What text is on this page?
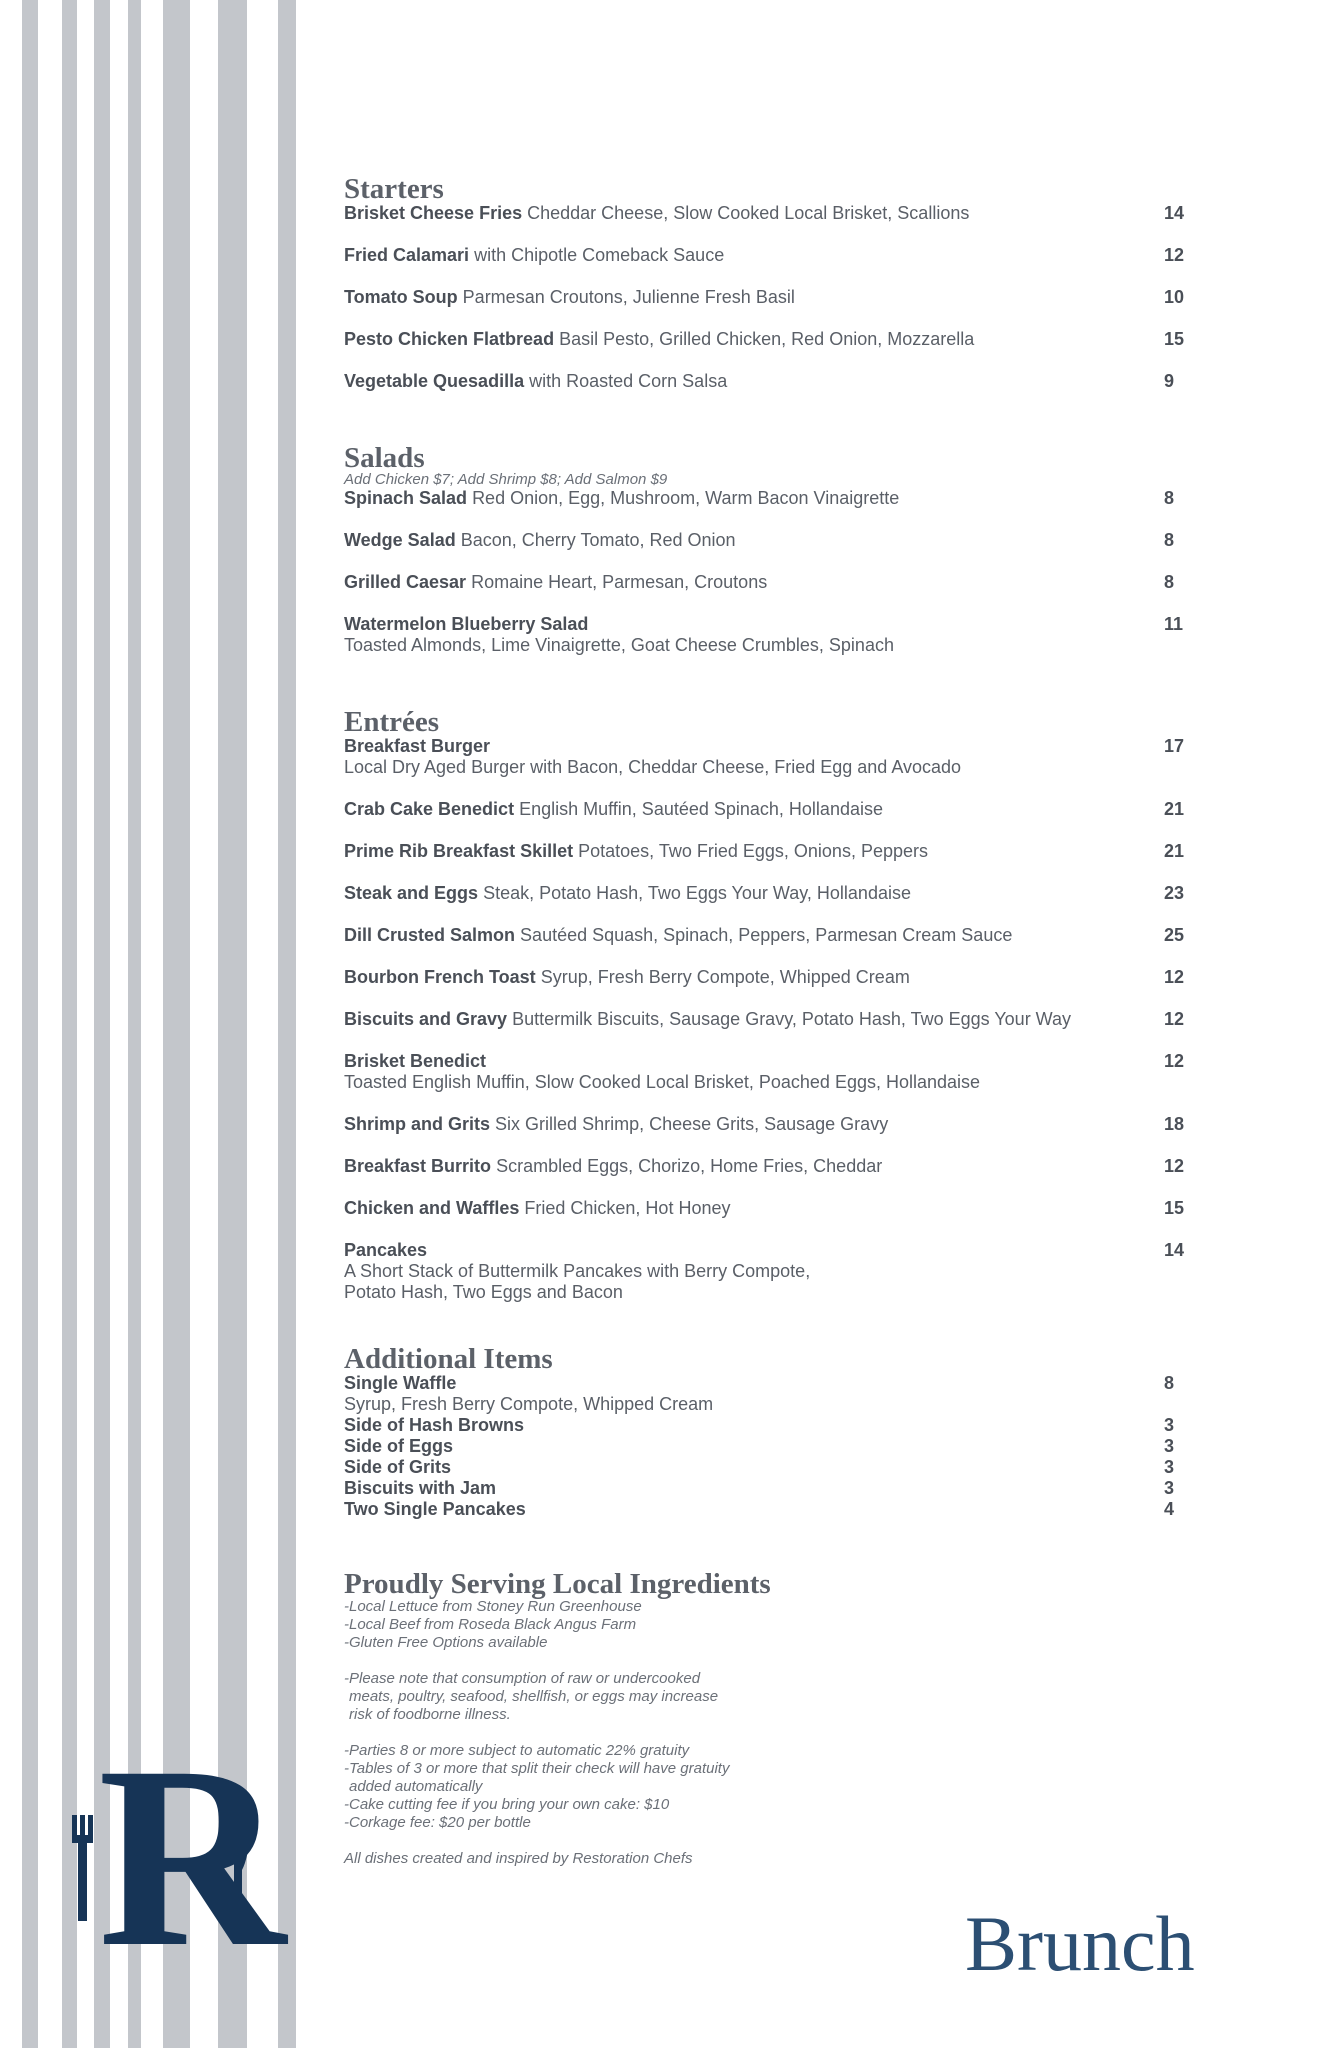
R
Starters
Brisket Cheese Fries Cheddar Cheese, Slow Cooked Local Brisket, Scallions	14
Fried Calamari with Chipotle Comeback Sauce	12
Tomato Soup Parmesan Croutons, Julienne Fresh Basil	10
Pesto Chicken Flatbread Basil Pesto, Grilled Chicken, Red Onion, Mozzarella	15
Vegetable Quesadilla with Roasted Corn Salsa	9
Salads
Add Chicken $7; Add Shrimp $8; Add Salmon $9
Spinach Salad Red Onion, Egg, Mushroom, Warm Bacon Vinaigrette	8
Wedge Salad Bacon, Cherry Tomato, Red Onion	8
Grilled Caesar Romaine Heart, Parmesan, Croutons	8
Watermelon Blueberry Salad
Toasted Almonds, Lime Vinaigrette, Goat Cheese Crumbles, Spinach
11
Entrées
Breakfast Burger
Local Dry Aged Burger with Bacon, Cheddar Cheese, Fried Egg and Avocado
17
Crab Cake Benedict English Muffin, Sautéed Spinach, Hollandaise	21
Prime Rib Breakfast Skillet Potatoes, Two Fried Eggs, Onions, Peppers	21
Steak and Eggs Steak, Potato Hash, Two Eggs Your Way, Hollandaise	23
Dill Crusted Salmon Sautéed Squash, Spinach, Peppers, Parmesan Cream Sauce	25
Bourbon French Toast Syrup, Fresh Berry Compote, Whipped Cream	12
Biscuits and Gravy Buttermilk Biscuits, Sausage Gravy, Potato Hash, Two Eggs Your Way	12
Brisket Benedict
Toasted English Muffin, Slow Cooked Local Brisket, Poached Eggs, Hollandaise
12
Shrimp and Grits Six Grilled Shrimp, Cheese Grits, Sausage Gravy	18
Breakfast Burrito Scrambled Eggs, Chorizo, Home Fries, Cheddar	12
Chicken and Waffles Fried Chicken, Hot Honey	15
Pancakes
A Short Stack of Buttermilk Pancakes with Berry Compote,
Potato Hash, Two Eggs and Bacon
14
Additional Items
Single Waffle
Syrup, Fresh Berry Compote, Whipped Cream
8
Side of Hash Browns	3
Side of Eggs	3
Side of Grits	3
Biscuits with Jam	3
Two Single Pancakes	4
Proudly Serving Local Ingredients
-Local Lettuce from Stoney Run Greenhouse
-Local Beef from Roseda Black Angus Farm
-Gluten Free Options available
-Please note that consumption of raw or undercooked
meats, poultry, seafood, shellfish, or eggs may increase
risk of foodborne illness.
-Parties 8 or more subject to automatic 22% gratuity
-Tables of 3 or more that split their check will have gratuity
added automatically
-Cake cutting fee if you bring your own cake: $10
-Corkage fee: $20 per bottle
All dishes created and inspired by Restoration Chefs
Brunch
